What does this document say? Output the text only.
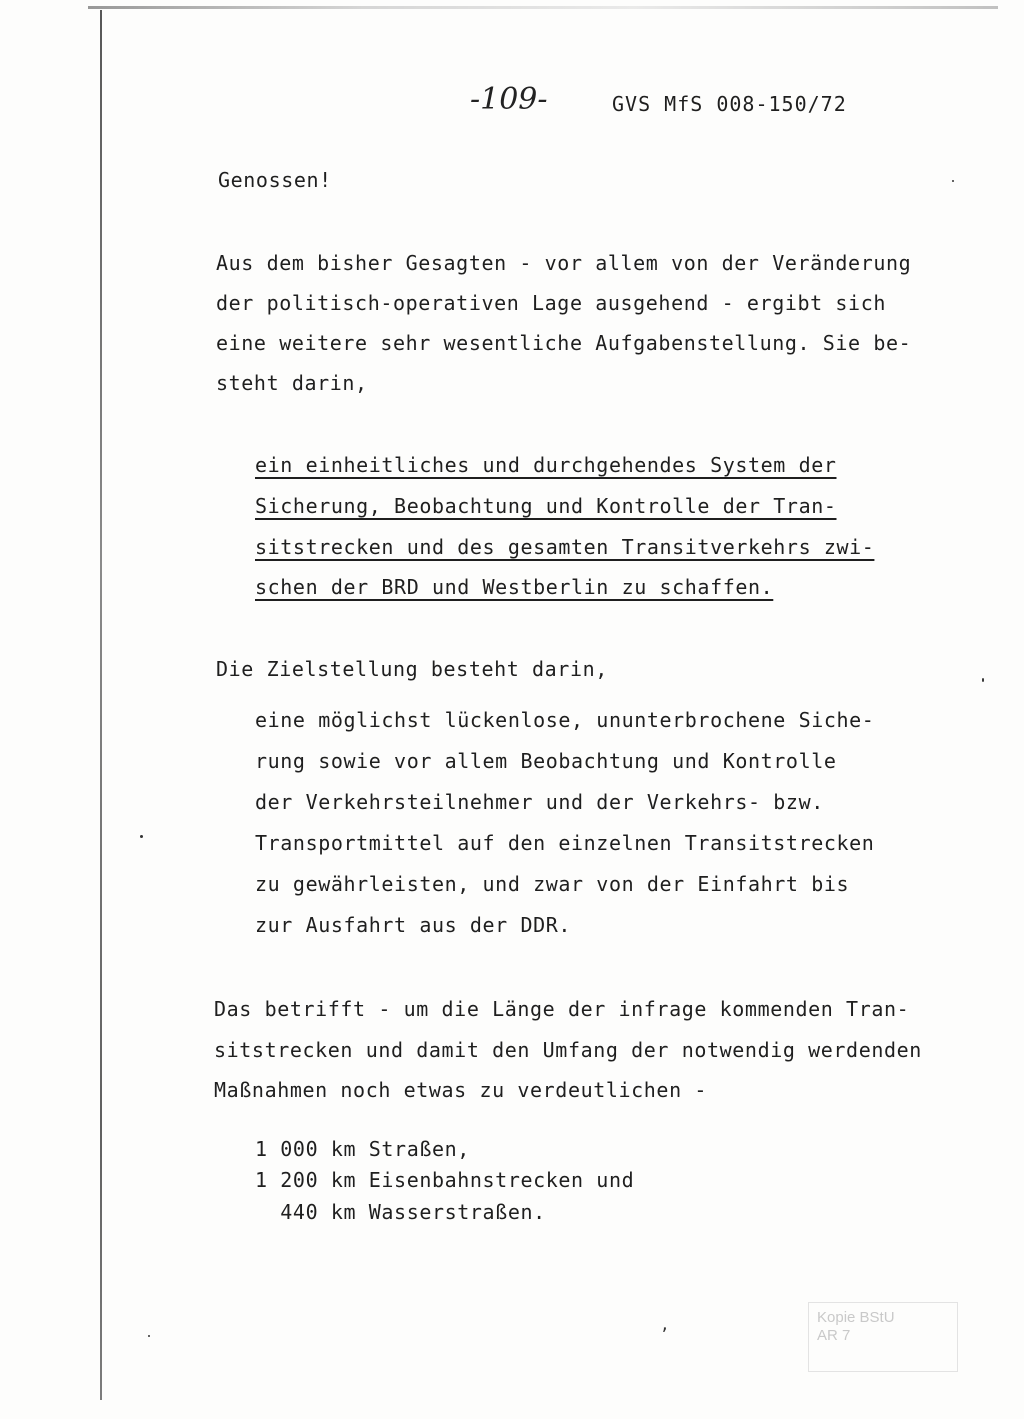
-109-	GVS MfS 008-150/72
Genossen!
Aus dem bisher Gesagten - vor allem von der Veränderung
der politisch-operativen Lage ausgehend - ergibt sich
eine weitere sehr wesentliche Aufgabenstellung. Sie be-
steht darin,
ein einheitliches und durchgehendes System der
Sicherung, Beobachtung und Kontrolle der Tran-
sitstrecken und des gesamten Transitverkehrs zwi-
schen der BRD und Westberlin zu schaffen.
Die Zielstellung besteht darin,
eine möglichst lückenlose, ununterbrochene Siche-
rung sowie vor allem Beobachtung und Kontrolle
der Verkehrsteilnehmer und der Verkehrs- bzw.
Transportmittel auf den einzelnen Transitstrecken
zu gewährleisten, und zwar von der Einfahrt bis
zur Ausfahrt aus der DDR.
Das betrifft - um die Länge der infrage kommenden Tran-
sitstrecken und damit den Umfang der notwendig werdenden
Maßnahmen noch etwas zu verdeutlichen -
1 000 km Straßen,
1 200 km Eisenbahnstrecken und
440 km Wasserstraßen.
,	Kopie BStU
AR 7
